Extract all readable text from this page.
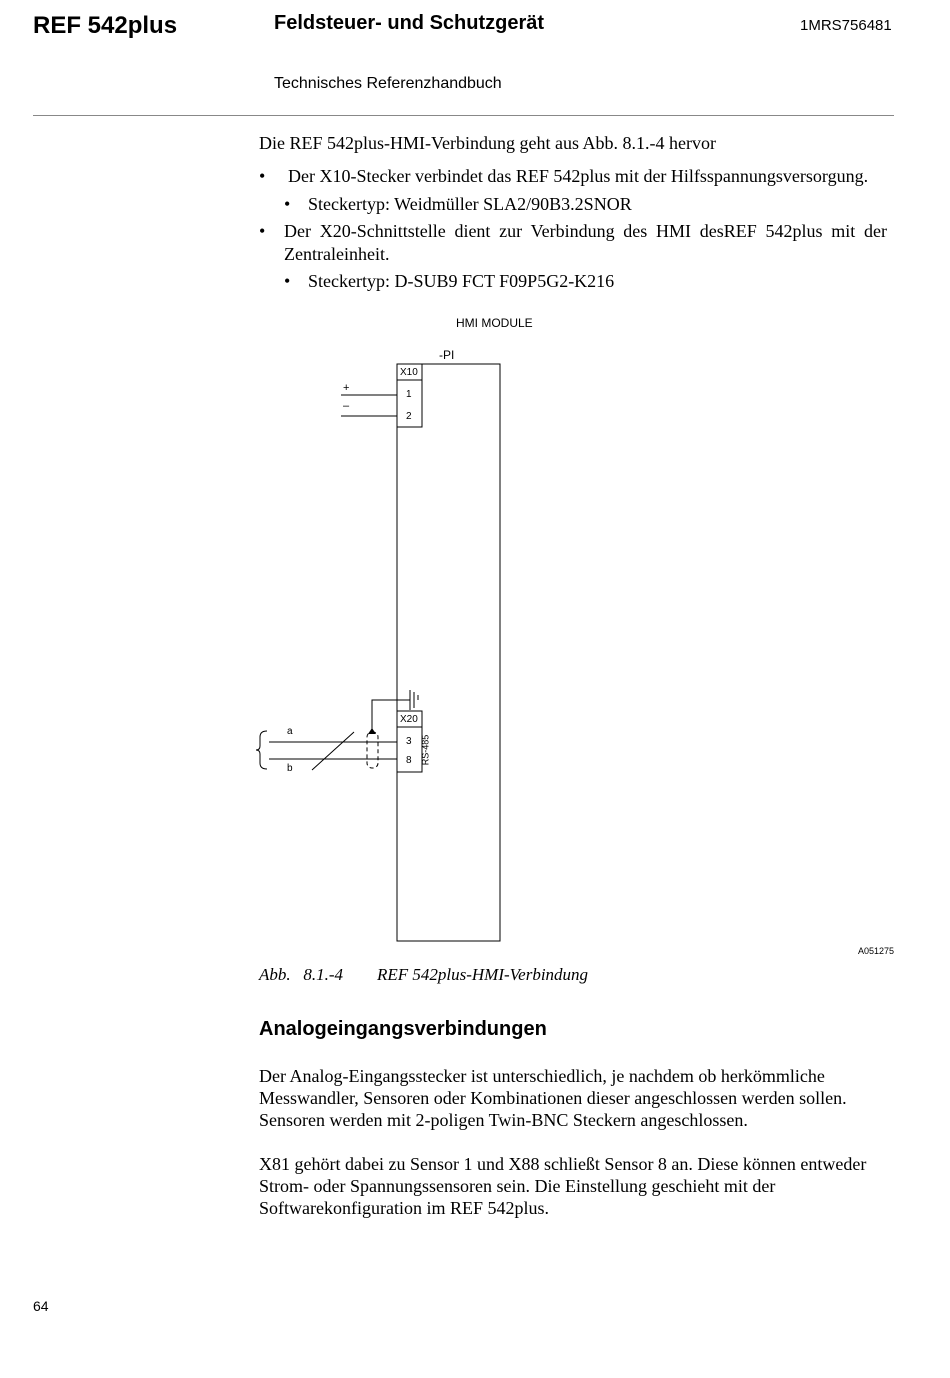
REF 542plus	Feldsteuer- und Schutzgerät	1MRS756481
Technisches Referenzhandbuch
Die REF 542plus-HMI-Verbindung geht aus Abb. 8.1.-4 hervor
• Der X10-Stecker verbindet das REF 542plus mit der Hilfsspannungsversorgung.
• Steckertyp: Weidmüller SLA2/90B3.2SNOR
• Der X20-Schnittstelle dient zur Verbindung des HMI desREF 542plus mit der Zentraleinheit.
• Steckertyp: D-SUB9 FCT F09P5G2-K216
HMI MODULE
-PI
X10
1
2
+
–
X20
3
8 RS-485
a
b
A051275
Abb.   8.1.-4 REF 542plus-HMI-Verbindung
Analogeingangsverbindungen
Der Analog-Eingangsstecker ist unterschiedlich, je nachdem ob herkömmliche Messwandler, Sensoren oder Kombinationen dieser angeschlossen werden sollen. Sensoren werden mit 2-poligen Twin-BNC Steckern angeschlossen.
X81 gehört dabei zu Sensor 1 und X88 schließt Sensor 8 an. Diese können entweder Strom- oder Spannungssensoren sein. Die Einstellung geschieht mit der Softwarekonfiguration im REF 542plus.
64
